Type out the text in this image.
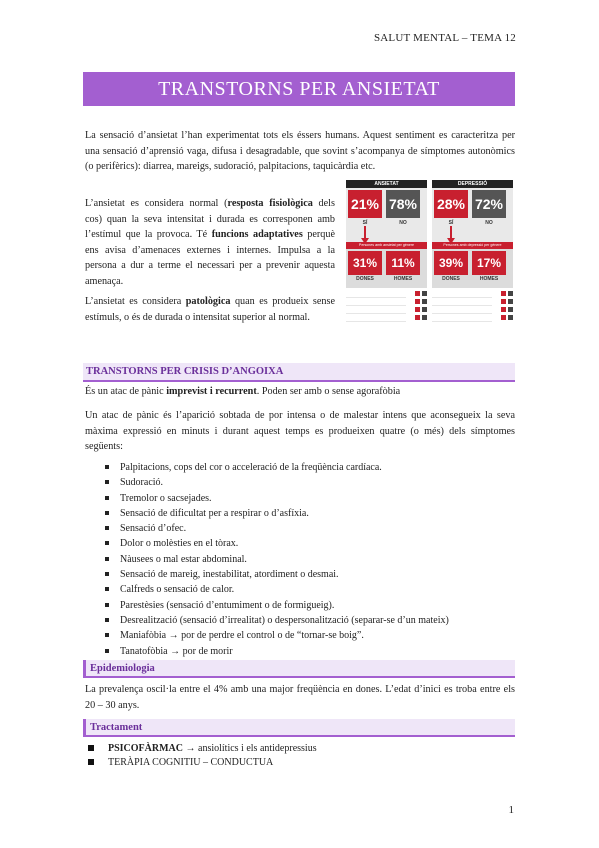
SALUT MENTAL – TEMA 12
TRANSTORNS PER ANSIETAT
La sensació d’ansietat l’han experimentat tots els éssers humans. Aquest sentiment es caracteritza per una sensació d’aprensió vaga, difusa i desagradable, que sovint s’acompanya de símptomes autonòmics (o perifèrics): diarrea, mareigs, sudoració, palpitacions, taquicàrdia etc.
L’ansietat es considera normal (resposta fisiològica dels cos) quan la seva intensitat i durada es corresponen amb l’estímul que la provoca. Té funcions adaptatives perquè ens avisa d’amenaces externes i internes. Impulsa a la persona a dur a terme el necessari per a prevenir aquesta amenaça.
L’ansietat es considera patològica quan es produeix sense estímuls, o és de durada o intensitat superior al normal.
ANSIETAT
21% 78%
SÍ	NO
Persones amb ansietat per gènere
31%	11%
DONES	HOMES
DEPRESSIÓ
28% 72%
SÍ	NO
Persones amb depressió per gènere
39%	17%
DONES	HOMES
TRANSTORNS PER CRISIS D’ANGOIXA
És un atac de pànic imprevist i recurrent. Poden ser amb o sense agorafòbia
Un atac de pànic és l’aparició sobtada de por intensa o de malestar intens que aconsegueix la seva màxima expressió en minuts i durant aquest temps es produeixen quatre (o més) dels símptomes següents:
Palpitacions, cops del cor o acceleració de la freqüència cardíaca.
Sudoració.
Tremolor o sacsejades.
Sensació de dificultat per a respirar o d’asfíxia.
Sensació d’ofec.
Dolor o molèsties en el tòrax.
Nàusees o mal estar abdominal.
Sensació de mareig, inestabilitat, atordiment o desmai.
Calfreds o sensació de calor.
Parestèsies (sensació d’entumiment o de formigueig).
Desrealització (sensació d’irrealitat) o despersonalització (separar-se d’un mateix)
Maniafòbia → por de perdre el control o de “tornar-se boig”.
Tanatofòbia → por de morir
Epidemiologia
La prevalença oscil·la entre el 4% amb una major freqüència en dones. L’edat d’inici es troba entre els 20 – 30 anys.
Tractament
PSICOFÀRMAC → ansiolítics i els antidepressius
TERÀPIA COGNITIU – CONDUCTUA
1
